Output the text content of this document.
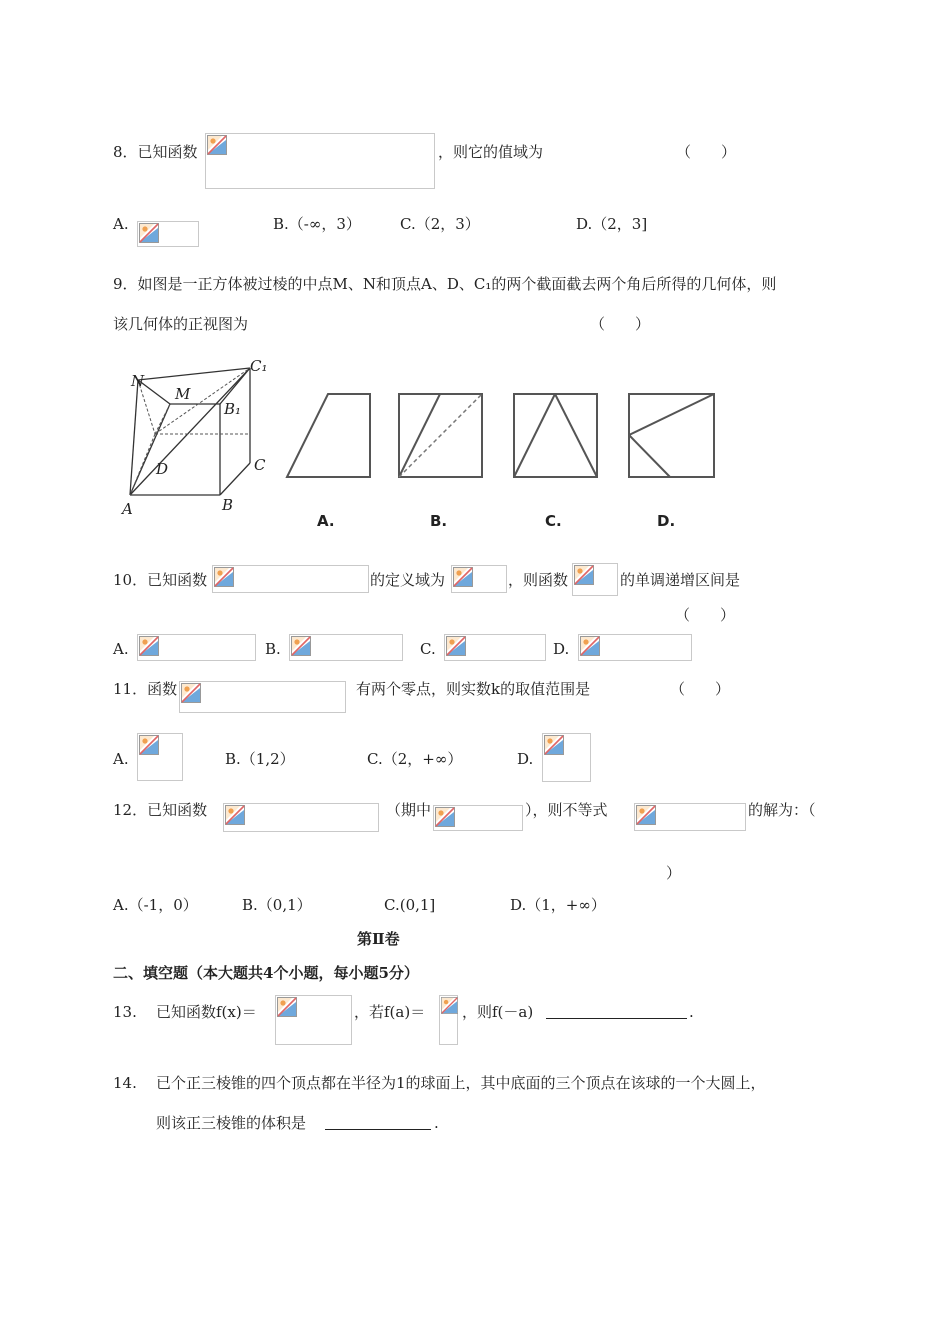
8．已知函数	，则它的值域为	（　　）
A.	B.（-∞，3）	C.（2，3）	D.（2，3]
9．如图是一正方体被过棱的中点M、N和顶点A、D、C₁的两个截面截去两个角后所得的几何体，则
该几何体的正视图为	（　　）
N
M
C₁
B₁
D	C
A	B
A.	B.	C.	D.
10．已知函数	的定义域为	，则函数	的单调递增区间是
（　　）
A.	B.	C.	D.
11．函数	有两个零点，则实数k的取值范围是	（　　）
A.	B.（1,2）	C.（2，+∞）	D.
12．已知函数	（期中	），则不等式	的解为：（
）
A.（-1，0）	B.（0,1）	C.(0,1]	D.（1，+∞）
第Ⅱ卷
二、填空题（本大题共4个小题，每小题5分）
13. 已知函数f(x)＝	，若f(a)＝ ，则f(－a)	.
14. 已个正三棱锥的四个顶点都在半径为1的球面上，其中底面的三个顶点在该球的一个大圆上，
则该正三棱锥的体积是	.
